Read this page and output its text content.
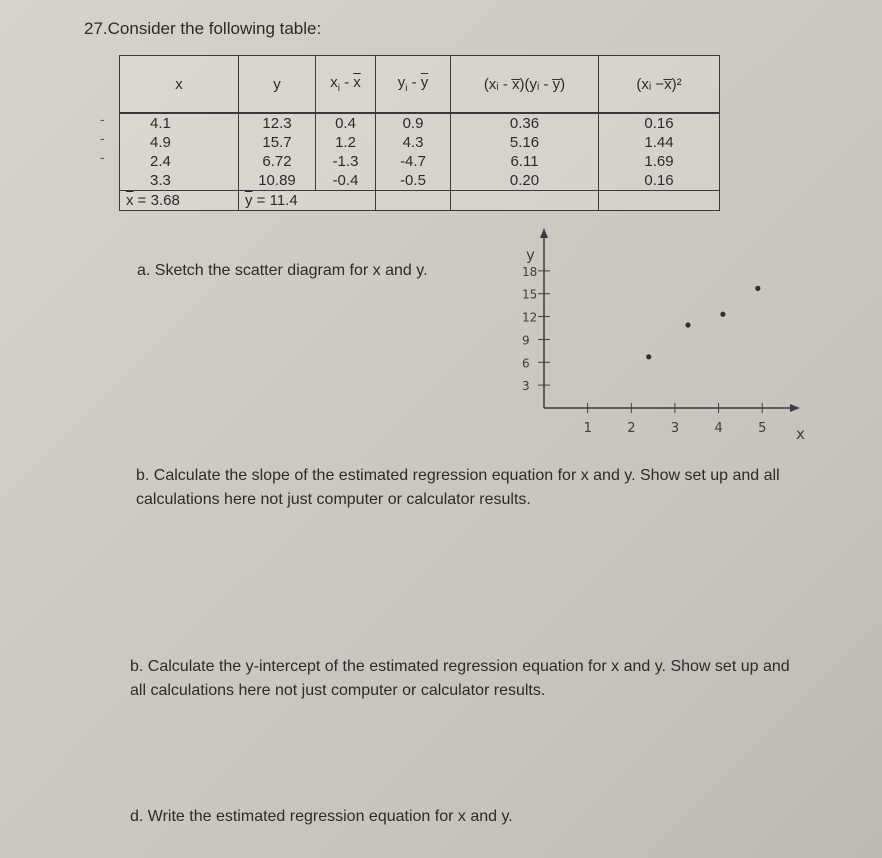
27.Consider the following table:
-
-
-
x	y	$x_i - \overline{x}$	$y_i - \overline{y}$	(xᵢ - x̅)(yᵢ - y̅)	(xᵢ −x̅)²
4.1	12.3	0.4	0.9	0.36	0.16
4.9	15.7	1.2	4.3	5.16	1.44
2.4	6.72	-1.3	-4.7	6.11	1.69
3.3	10.89	-0.4	-0.5	0.20	0.16
$\overline{x} = 3.68$	$\overline{y} = 11.4$				
a. Sketch the scatter diagram for x and y.
x
y
1	2	3	4	5
3
6
9
12
15
18
b. Calculate the slope of the estimated regression equation for x and y. Show set up and all calculations here not just computer or calculator results.
b. Calculate the y-intercept of the estimated regression equation for x and y. Show set up and all calculations here not just computer or calculator results.
d. Write the estimated regression equation for x and y.
